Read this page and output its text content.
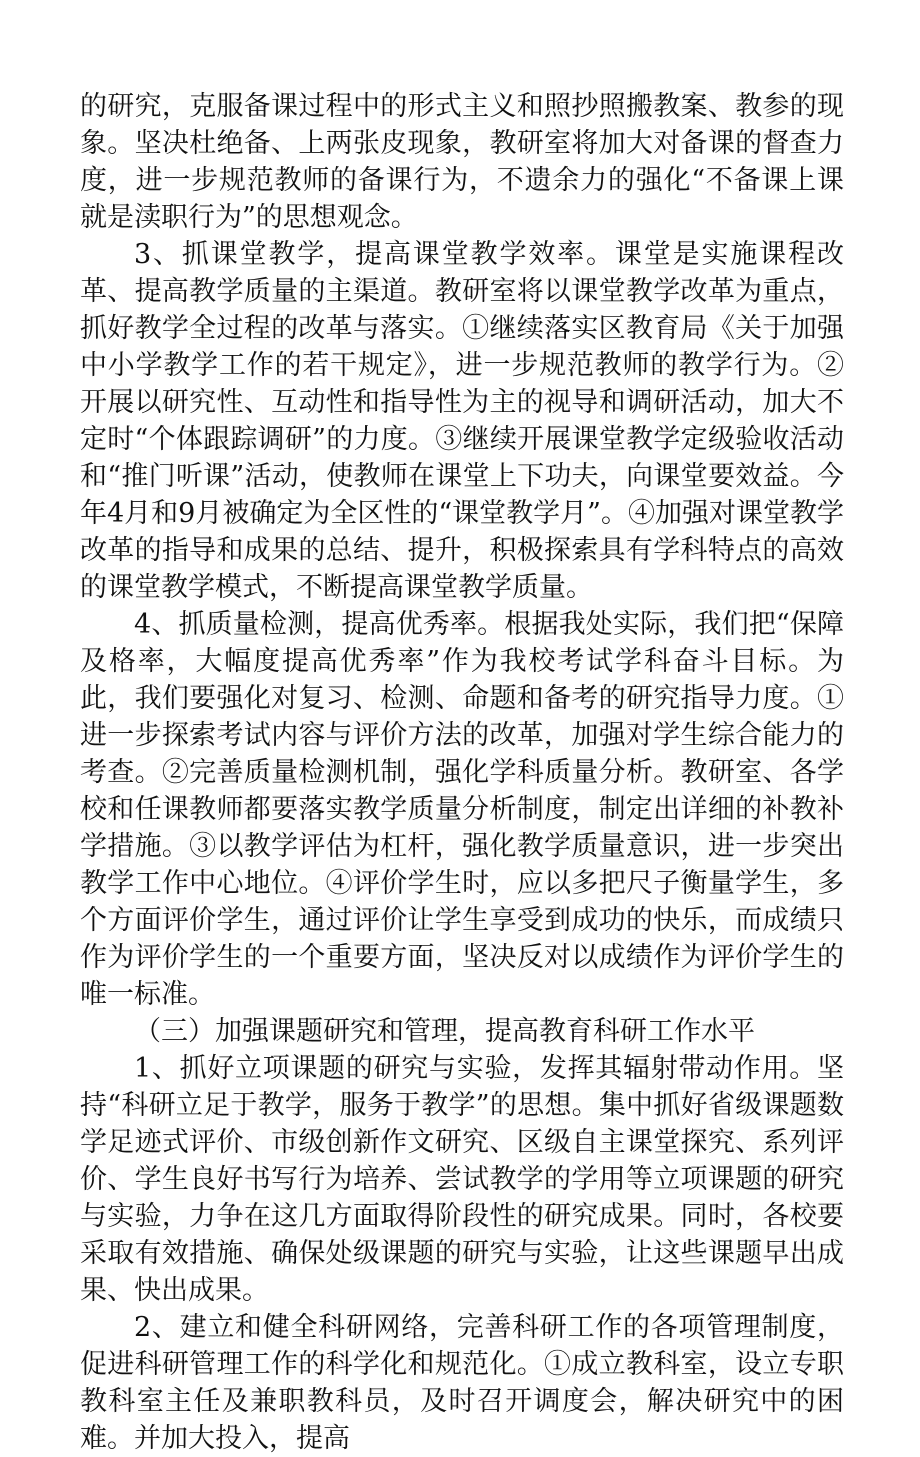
的研究，克服备课过程中的形式主义和照抄照搬教案、教参的现象。坚决杜绝备、上两张皮现象，教研室将加大对备课的督查力度，进一步规范教师的备课行为，不遗余力的强化“不备课上课就是渎职行为”的思想观念。

3、抓课堂教学，提高课堂教学效率。课堂是实施课程改革、提高教学质量的主渠道。教研室将以课堂教学改革为重点，抓好教学全过程的改革与落实。①继续落实区教育局《关于加强中小学教学工作的若干规定》，进一步规范教师的教学行为。②开展以研究性、互动性和指导性为主的视导和调研活动，加大不定时“个体跟踪调研”的力度。③继续开展课堂教学定级验收活动和“推门听课”活动，使教师在课堂上下功夫，向课堂要效益。今年4月和9月被确定为全区性的“课堂教学月”。④加强对课堂教学改革的指导和成果的总结、提升，积极探索具有学科特点的高效的课堂教学模式，不断提高课堂教学质量。

4、抓质量检测，提高优秀率。根据我处实际，我们把“保障及格率，大幅度提高优秀率”作为我校考试学科奋斗目标。为此，我们要强化对复习、检测、命题和备考的研究指导力度。①进一步探索考试内容与评价方法的改革，加强对学生综合能力的考查。②完善质量检测机制，强化学科质量分析。教研室、各学校和任课教师都要落实教学质量分析制度，制定出详细的补教补学措施。③以教学评估为杠杆，强化教学质量意识，进一步突出教学工作中心地位。④评价学生时，应以多把尺子衡量学生，多个方面评价学生，通过评价让学生享受到成功的快乐，而成绩只作为评价学生的一个重要方面，坚决反对以成绩作为评价学生的唯一标准。

（三）加强课题研究和管理，提高教育科研工作水平

1、抓好立项课题的研究与实验，发挥其辐射带动作用。坚持“科研立足于教学，服务于教学”的思想。集中抓好省级课题数学足迹式评价、市级创新作文研究、区级自主课堂探究、系列评价、学生良好书写行为培养、尝试教学的学用等立项课题的研究与实验，力争在这几方面取得阶段性的研究成果。同时，各校要采取有效措施、确保处级课题的研究与实验，让这些课题早出成果、快出成果。

2、建立和健全科研网络，完善科研工作的各项管理制度，促进科研管理工作的科学化和规范化。①成立教科室，设立专职教科室主任及兼职教科员，及时召开调度会，解决研究中的困难。并加大投入，提高
